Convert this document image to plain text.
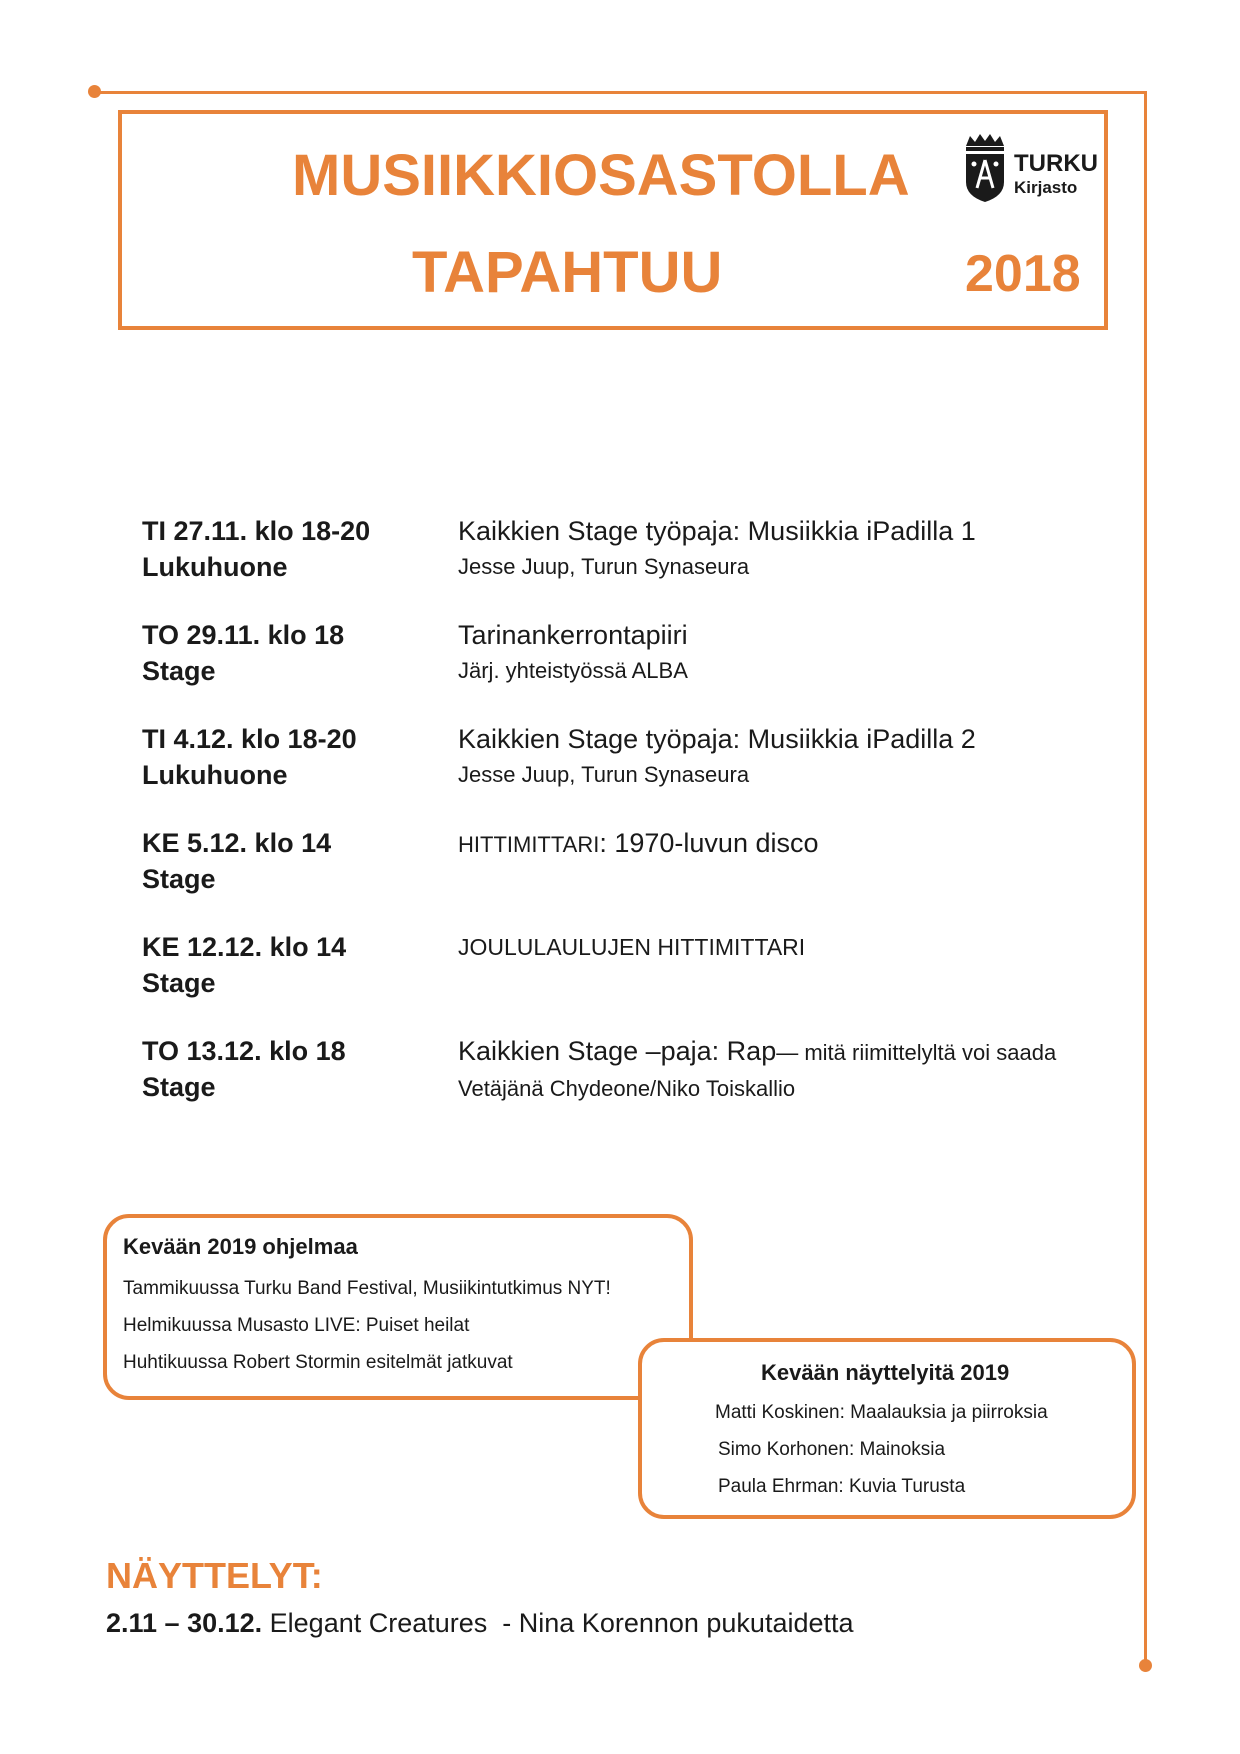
MUSIIKKIOSASTOLLA
TAPAHTUU	2018
TURKU
Kirjasto
TI 27.11. klo 18-20
Lukuhuone
Kaikkien Stage työpaja: Musiikkia iPadilla 1
Jesse Juup, Turun Synaseura
TO 29.11. klo 18
Stage
Tarinankerrontapiiri
Järj. yhteistyössä ALBA
TI 4.12. klo 18-20
Lukuhuone
Kaikkien Stage työpaja: Musiikkia iPadilla 2
Jesse Juup, Turun Synaseura
KE 5.12. klo 14
Stage
HITTIMITTARI: 1970-luvun disco
KE 12.12. klo 14
Stage
JOULULAULUJEN HITTIMITTARI
TO 13.12. klo 18
Stage
Kaikkien Stage –paja: Rap— mitä riimittelyltä voi saada
Vetäjänä Chydeone/Niko Toiskallio
Kevään 2019 ohjelmaa
Tammikuussa Turku Band Festival, Musiikintutkimus NYT!
Helmikuussa Musasto LIVE: Puiset heilat
Huhtikuussa Robert Stormin esitelmät jatkuvat	Kevään näyttelyitä 2019
Matti Koskinen: Maalauksia ja piirroksia
Simo Korhonen: Mainoksia
Paula Ehrman: Kuvia Turusta
NÄYTTELYT:
2.11 – 30.12. Elegant Creatures  - Nina Korennon pukutaidetta
